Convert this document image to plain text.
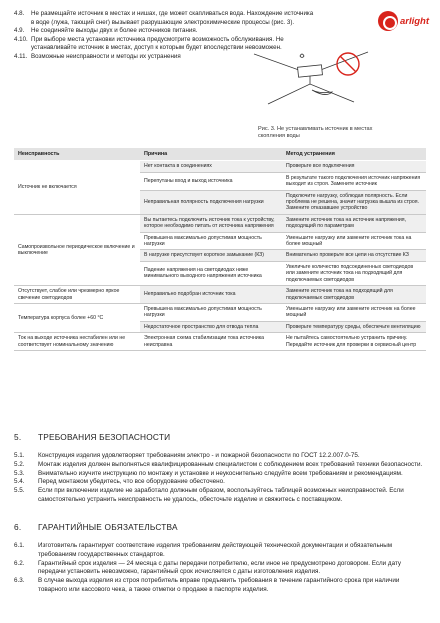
4.8.	Не размещайте источник в местах и нишах, где может скапливаться вода. Нахождение источника в воде (лужа, тающий снег) вызывает разрушающие электрохимические процессы (рис. 3).
4.9.	Не соединяйте выходы двух и более источников питания.
4.10. При выборе места установки источника предусмотрите возможность обслуживания. Не устанавливайте источник в местах, доступ к которым будет впоследствии невозможен.
4.11. Возможные неисправности и методы их устранения
arlight
Рис. 3. Не устанавливать источник в местах скопления воды
Неисправность	Причина	Метод устранения
Источник не включается	Нет контакта в соединениях	Проверьте все подключения
	Перепутаны вход и выход источника	В результате такого подключения источник напряжения выходит из строя. Замените источник
	Неправильная полярность подключения нагрузки	Подключите нагрузку, соблюдая полярность. Если проблема не решена, значит нагрузка вышла из строя. Замените отказавшее устройство
Самопроизвольное периодическое включение и выключение	Вы пытаетесь подключить источник тока к устройству, которое необходимо питать от источника напряжения	Замените источник тока на источник напряжения, подходящий по параметрам
	Превышена максимально допустимая мощность нагрузки	Уменьшите нагрузку или замените источник тока на более мощный
	В нагрузке присутствует короткое замыкание (КЗ)	Внимательно проверьте все цепи на отсутствие КЗ
	Падение напряжения на светодиодах ниже минимального выходного напряжения источника	Увеличьте количество подсоединенных светодиодов или замените источник тока на подходящий для подключаемых светодиодов
Отсутствует, слабое или чрезмерно яркое свечение светодиодов	Неправильно подобран источник тока	Замените источник тока на подходящий для подключаемых светодиодов
Температура корпуса более +60 °С	Превышена максимально допустимая мощность нагрузки	Уменьшите нагрузку или замените источник на более мощный
	Недостаточное пространство для отвода тепла	Проверьте температуру среды, обеспечьте вентиляцию
Ток на выходе источника нестабилен или не соответствует номинальному значению	Электронная схема стабилизации тока источника неисправна	Не пытайтесь самостоятельно устранить причину. Передайте источник для проверки в сервисный центр
5.	ТРЕБОВАНИЯ БЕЗОПАСНОСТИ
5.1.	Конструкция изделия удовлетворяет требованиям электро - и пожарной безопасности по ГОСТ 12.2.007.0-75.
5.2.	Монтаж изделия должен выполняться квалифицированным специалистом с соблюдением всех требований техники безопасности.
5.3.	Внимательно изучите инструкцию по монтажу и установке и неукоснительно следуйте всем требованиям и рекомендациям.
5.4.	Перед монтажом убедитесь, что все оборудование обесточено.
5.5.	Если при включении изделие не заработало должным образом, воспользуйтесь таблицей возможных неисправностей. Если самостоятельно устранить неисправность не удалось, обесточьте изделие и свяжитесь с поставщиком.
6.	ГАРАНТИЙНЫЕ ОБЯЗАТЕЛЬСТВА
6.1.	Изготовитель гарантирует соответствие изделия требованиям действующей технической документации и обязательным требованиям государственных стандартов.
6.2.	Гарантийный срок изделия — 24 месяца с даты передачи потребителю, если иное не предусмотрено договором. Если дату передачи установить невозможно, гарантийный срок исчисляется с даты изготовления изделия.
6.3.	В случае выхода изделия из строя потребитель вправе предъявить требования в течение гарантийного срока при наличии товарного или кассового чека, а также отметки о продаже в паспорте изделия.
